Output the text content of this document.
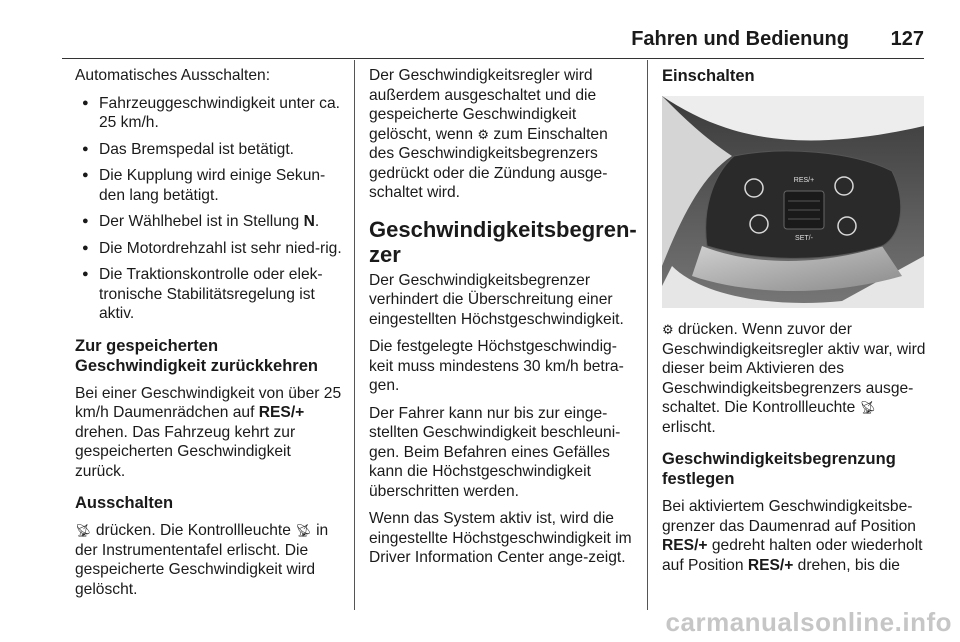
Fahren und Bedienung 127

Automatisches Ausschalten:

● Fahrzeuggeschwindigkeit unter ca. 25 km/h.
● Das Bremspedal ist betätigt.
● Die Kupplung wird einige Sekun-den lang betätigt.
● Der Wählhebel ist in Stellung N.
● Die Motordrehzahl ist sehr nied-rig.
● Die Traktionskontrolle oder elek-tronische Stabilitätsregelung ist aktiv.
Zur gespeicherten Geschwindigkeit zurückkehren

Bei einer Geschwindigkeit von über 25 km/h Daumenrädchen auf RES/+ drehen. Das Fahrzeug kehrt zur gespeicherten Geschwindigkeit zurück.

Ausschalten

📡︎ drücken. Die Kontrollleuchte 📡︎ in der Instrumententafel erlischt. Die gespeicherte Geschwindigkeit wird gelöscht.

Der Geschwindigkeitsregler wird außerdem ausgeschaltet und die gespeicherte Geschwindigkeit gelöscht, wenn ⚙︎ zum Einschalten des Geschwindigkeitsbegrenzers gedrückt oder die Zündung ausge-schaltet wird.

Geschwindigkeitsbegren-zer

Der Geschwindigkeitsbegrenzer verhindert die Überschreitung einer eingestellten Höchstgeschwindigkeit.

Die festgelegte Höchstgeschwindig-keit muss mindestens 30 km/h betra-gen.

Der Fahrer kann nur bis zur einge-stellten Geschwindigkeit beschleuni-gen. Beim Befahren eines Gefälles kann die Höchstgeschwindigkeit überschritten werden.

Wenn das System aktiv ist, wird die eingestellte Höchstgeschwindigkeit im Driver Information Center ange-zeigt.

Einschalten
RES/+
SET/-

⚙︎ drücken. Wenn zuvor der Geschwindigkeitsregler aktiv war, wird dieser beim Aktivieren des Geschwindigkeitsbegrenzers ausge-schaltet. Die Kontrollleuchte 📡︎ erlischt.

Geschwindigkeitsbegrenzung festlegen

Bei aktiviertem Geschwindigkeitsbe-grenzer das Daumenrad auf Position RES/+ gedreht halten oder wiederholt auf Position RES/+ drehen, bis die

carmanualsonline.info
